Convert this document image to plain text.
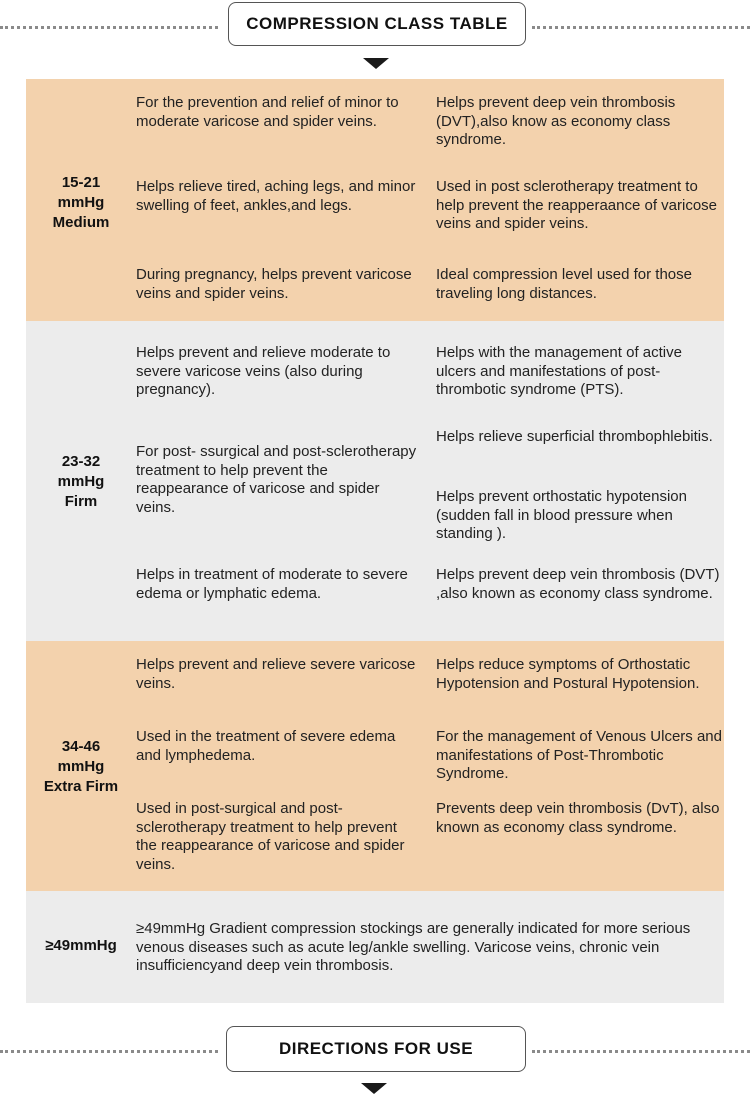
COMPRESSION CLASS TABLE
15-21
mmHg
Medium
For the prevention and relief of minor to moderate varicose and spider veins.
Helps relieve tired, aching legs, and minor swelling of feet, ankles,and legs.
During pregnancy, helps prevent varicose veins and spider veins.
Helps prevent deep vein thrombosis (DVT),also know as economy class syndrome.
Used in post sclerotherapy treatment to help prevent the reapperaance of varicose veins and spider veins.
Ideal compression level used for those traveling long distances.
23-32
mmHg
Firm
Helps prevent and relieve moderate to severe varicose veins (also during pregnancy).
For post- ssurgical and post-sclerotherapy treatment to help prevent the reappearance of varicose and spider veins.
Helps in treatment of moderate to severe edema or lymphatic edema.
Helps with the management of active ulcers and manifestations of post-thrombotic syndrome (PTS).
Helps relieve superficial thrombophlebitis.
Helps prevent orthostatic hypotension (sudden fall in blood pressure when standing ).
Helps prevent deep vein thrombosis (DVT) ,also known as economy class syndrome.
34-46
mmHg
Extra Firm
Helps prevent and relieve severe varicose veins.
Used in the treatment of severe edema and lymphedema.
Used in post-surgical and post-sclerotherapy treatment to help prevent the reappearance of varicose and spider veins.
Helps reduce symptoms of Orthostatic Hypotension and Postural Hypotension.
For the management of Venous Ulcers and manifestations of Post-Thrombotic Syndrome.
Prevents deep vein thrombosis (DvT), also known as economy class syndrome.
≥49mmHg
≥49mmHg Gradient compression stockings are generally indicated for more serious venous diseases such as acute leg/ankle swelling. Varicose veins, chronic vein insufficiencyand deep vein thrombosis.
DIRECTIONS FOR USE
